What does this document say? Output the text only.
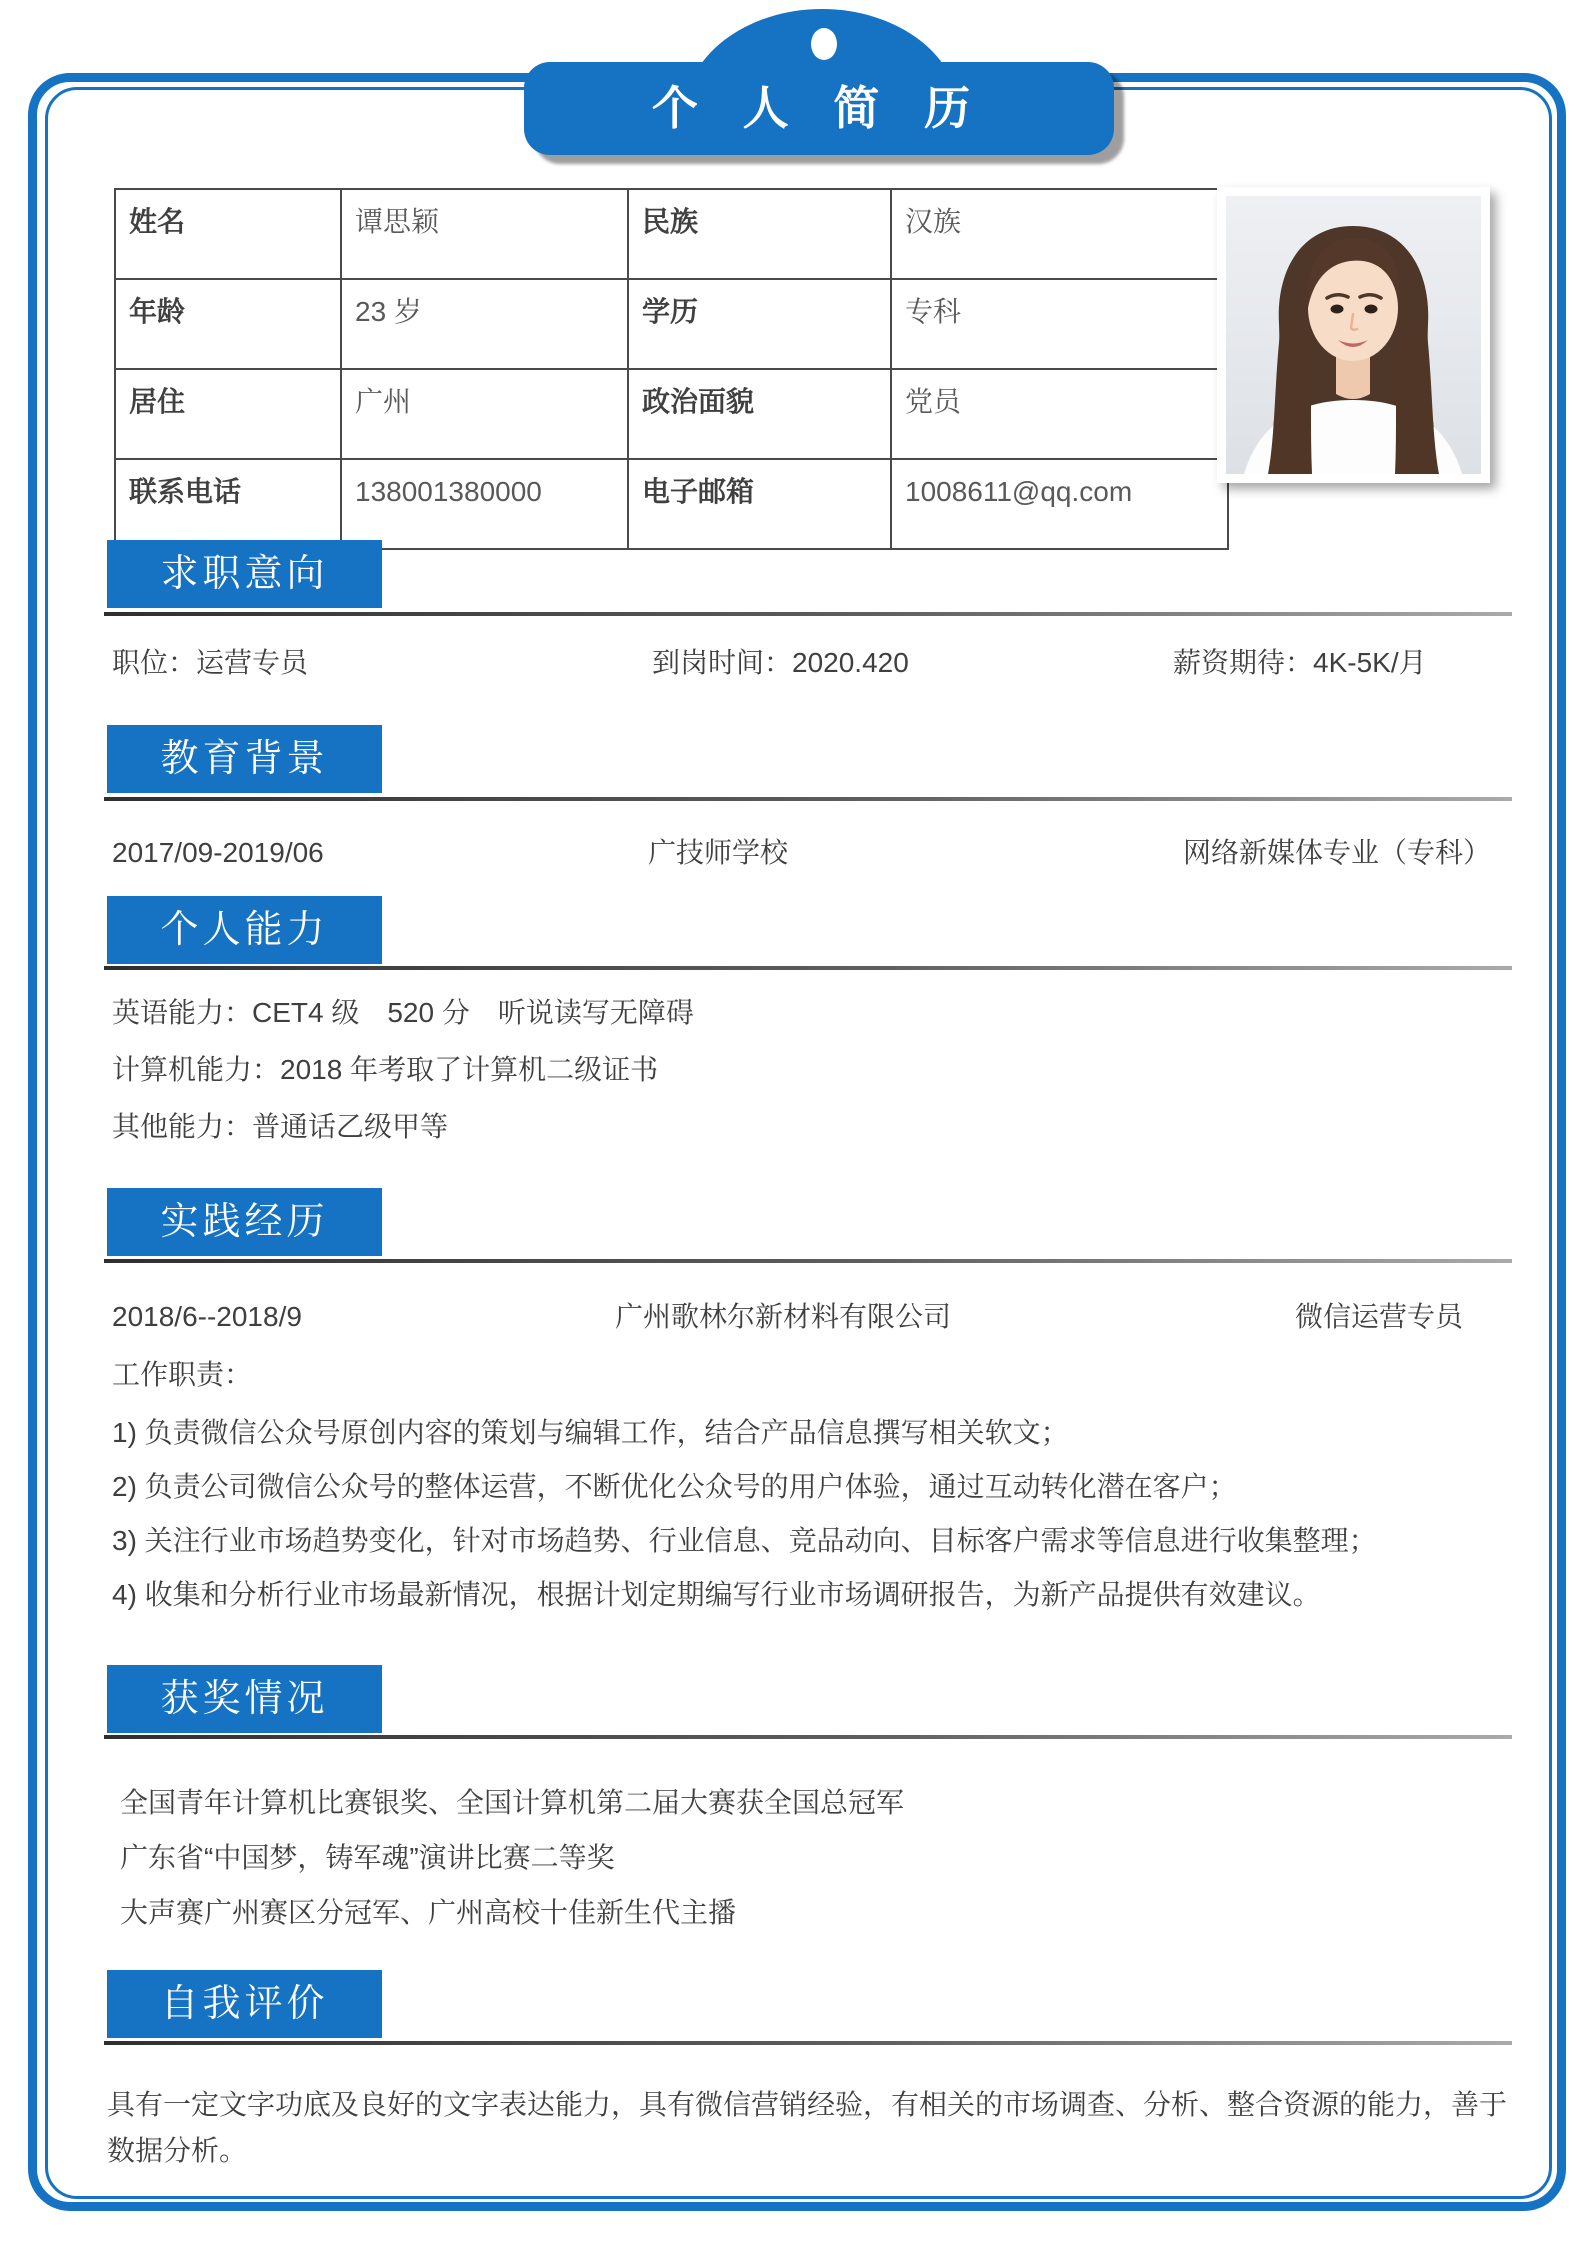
个 人 简 历
姓名	谭思颖	民族	汉族
年龄	23 岁	学历	专科
居住	广州	政治面貌	党员
联系电话	138001380000	电子邮箱	1008611@qq.com
求职意向
职位：运营专员	到岗时间：2020.420	薪资期待：4K-5K/月
教育背景
2017/09-2019/06	广技师学校	网络新媒体专业（专科）
个人能力
英语能力：CET4 级　520 分　听说读写无障碍
计算机能力：2018 年考取了计算机二级证书
其他能力：普通话乙级甲等
实践经历
2018/6--2018/9	广州歌林尔新材料有限公司	微信运营专员
工作职责：
1) 负责微信公众号原创内容的策划与编辑工作，结合产品信息撰写相关软文；
2) 负责公司微信公众号的整体运营，不断优化公众号的用户体验，通过互动转化潜在客户；
3) 关注行业市场趋势变化，针对市场趋势、行业信息、竞品动向、目标客户需求等信息进行收集整理；
4) 收集和分析行业市场最新情况，根据计划定期编写行业市场调研报告，为新产品提供有效建议。
获奖情况
全国青年计算机比赛银奖、全国计算机第二届大赛获全国总冠军
广东省“中国梦，铸军魂”演讲比赛二等奖
大声赛广州赛区分冠军、广州高校十佳新生代主播
自我评价
具有一定文字功底及良好的文字表达能力，具有微信营销经验，有相关的市场调查、分析、整合资源的能力，善于数据分析。
